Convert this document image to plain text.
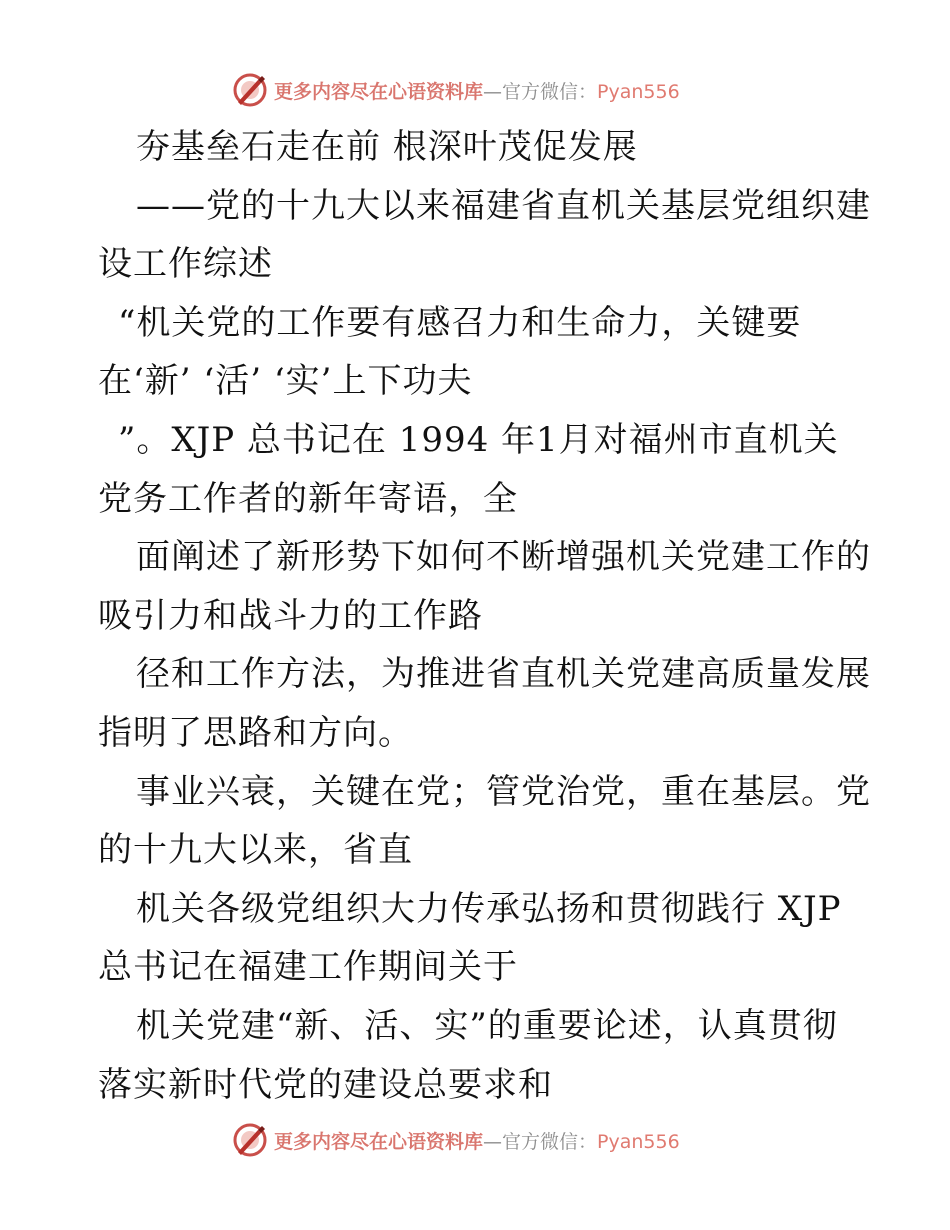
更多内容尽在心语资料库—官方微信：Pyan556
夯基垒石走在前 根深叶茂促发展
——党的十九大以来福建省直机关基层党组织建
设工作综述
“机关党的工作要有感召力和生命力，关键要
在‘新’ ‘活’ ‘实’上下功夫
”。XJP 总书记在 1994 年1月对福州市直机关
党务工作者的新年寄语，全
面阐述了新形势下如何不断增强机关党建工作的
吸引力和战斗力的工作路
径和工作方法，为推进省直机关党建高质量发展
指明了思路和方向。
事业兴衰，关键在党；管党治党，重在基层。党
的十九大以来，省直
机关各级党组织大力传承弘扬和贯彻践行 XJP
总书记在福建工作期间关于
机关党建“新、活、实”的重要论述，认真贯彻
落实新时代党的建设总要求和
更多内容尽在心语资料库—官方微信：Pyan556
